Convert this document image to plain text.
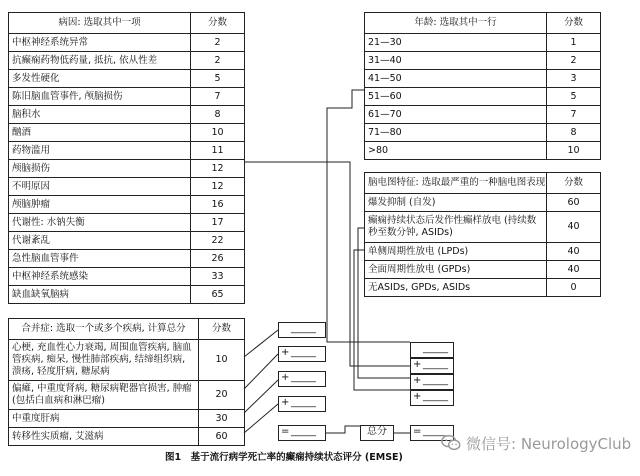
病因: 选取其中一项	分数
中枢神经系统异常	2
抗癫痫药物低药量, 抵抗, 依从性差	2
多发性硬化	5
陈旧脑血管事件, 颅脑损伤	7
脑积水	8
酗酒	10
药物滥用	11
颅脑损伤	12
不明原因	12
颅脑肿瘤	16
代谢性: 水钠失衡	17
代谢紊乱	22
急性脑血管事件	26
中枢神经系统感染	33
缺血缺氧脑病	65
年龄: 选取其中一行	分数
21—30	1
31—40	2
41—50	3
51—60	5
61—70	7
71—80	8
>80	10
脑电图特征: 选取最严重的一种脑电图表现	分数
爆发抑制 (自发)	60
癫痫持续状态后发作性癫样放电 (持续数秒至数分钟, ASIDs)	40
单侧周期性放电 (LPDs)	40
全面周期性放电 (GPDs)	40
无ASIDs, GPDs, ASIDs	0
合并症: 选取一个或多个疾病, 计算总分	分数
心梗, 充血性心力衰竭, 周围血管疾病, 脑血管疾病, 痴呆, 慢性肺部疾病, 结缔组织病, 溃疡, 轻度肝病, 糖尿病	10
偏瘫, 中重度肾病, 糖尿病靶器官损害, 肿瘤 (包括白血病和淋巴瘤)	20
中重度肝病	30
转移性实质瘤, 艾滋病	60
_____
+ _____
+ _____
+ _____
= _____
_____
+ _____
+ _____
+ _____
总分	= _____
图1　基于流行病学死亡率的癫痫持续状态评分 (EMSE)
微信号: NeurologyClub
